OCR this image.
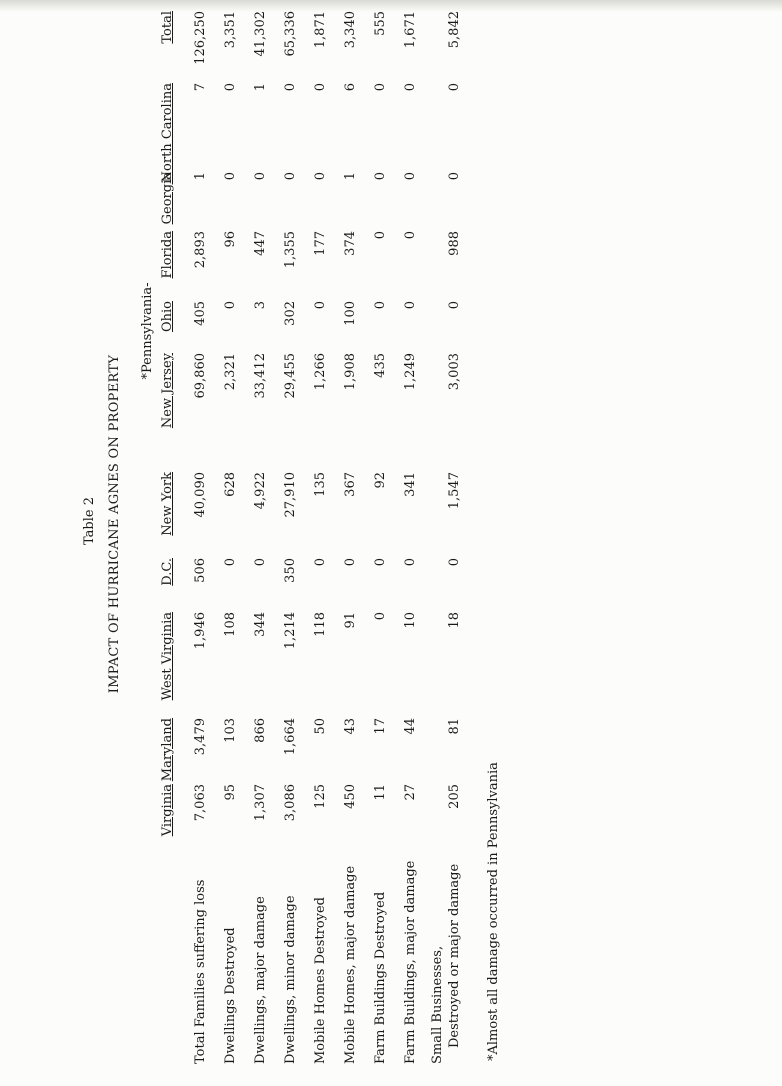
Table 2 IMPACT OF HURRICANE AGNES ON PROPERTY
*Pennsylvania-
*Almost all damage occurred in Pennsylvania
Virginia
Maryland
West Virginia
D.C.
New York
New Jersey
Ohio
Florida
Georgia
North Carolina
Total
Total Families suffering loss
7,063
3,479
1,946
506
40,090
69,860
405
2,893
1
7
126,250
Dwellings Destroyed
95
103
108
0
628
2,321
0
96
0
0
3,351
Dwellings, major damage
1,307
866
344
0
4,922
33,412
3
447
0
1
41,302
Dwellings, minor damage
3,086
1,664
1,214
350
27,910
29,455
302
1,355
0
0
65,336
Mobile Homes Destroyed
125
50
118
0
135
1,266
0
177
0
0
1,871
Mobile Homes, major damage
450
43
91
0
367
1,908
100
374
1
6
3,340
Farm Buildings Destroyed
11
17
0
0
92
435
0
0
0
0
555
Farm Buildings, major damage
27
44
10
0
341
1,249
0
0
0
0
1,671
Small Businesses, Destroyed or major damage
205
81
18
0
1,547
3,003
0
988
0
0
5,842
